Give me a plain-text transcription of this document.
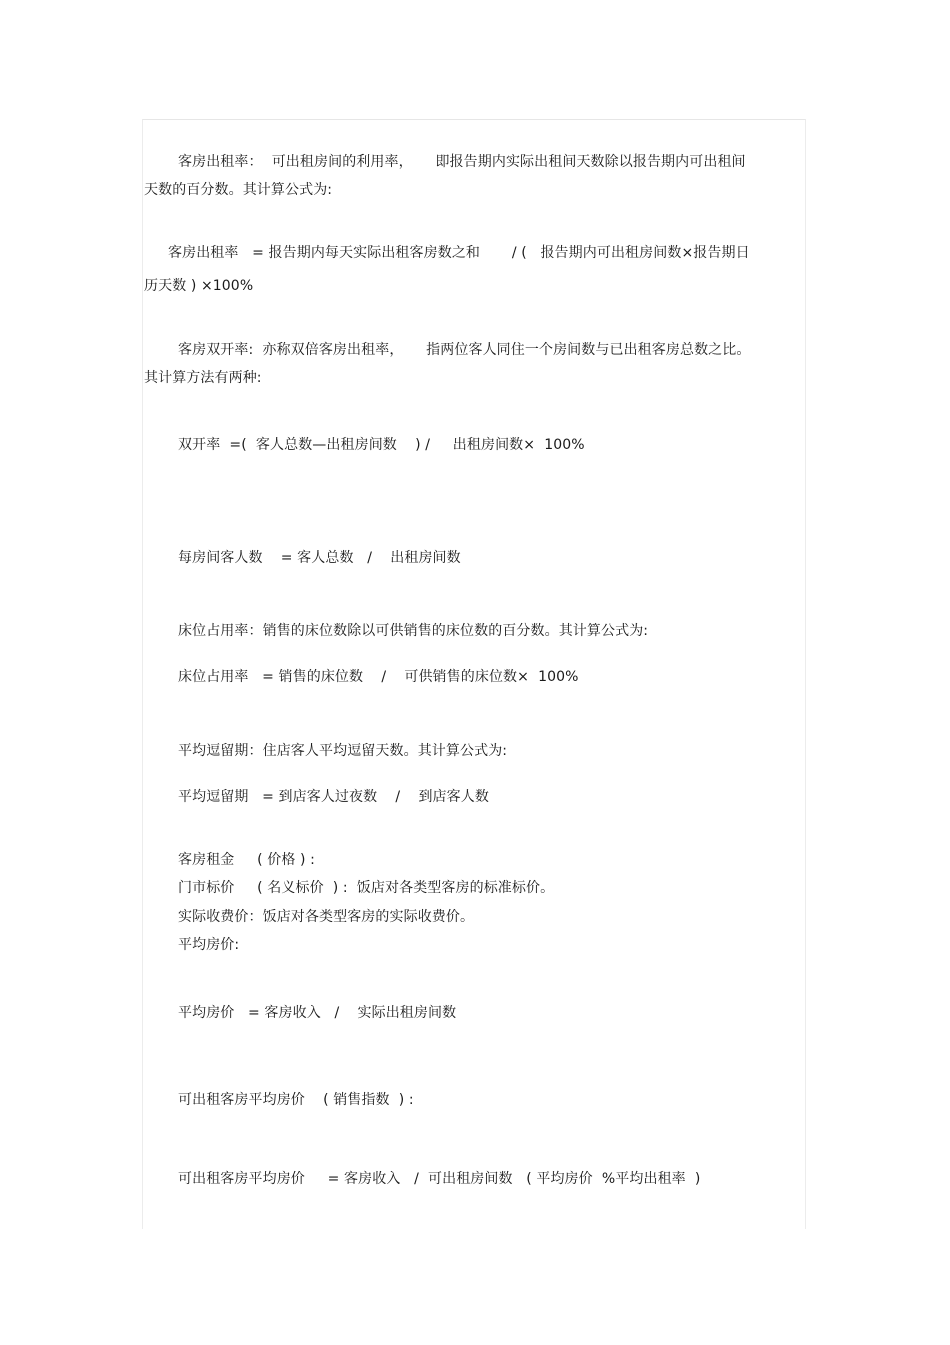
客房出租率：  可出租房间的利用率，     即报告期内实际出租间天数除以报告期内可出租间
天数的百分数。其计算公式为:
客房出租率   = 报告期内每天实际出租客房数之和       / (   报告期内可出租房间数×报告期日
历天数 ) ×100%
客房双开率:  亦称双倍客房出租率，     指两位客人同住一个房间数与已出租客房总数之比。
其计算方法有两种:
双开率  =(  客人总数—出租房间数    ) /     出租房间数×  100%
每房间客人数    = 客人总数   /    出租房间数
床位占用率：销售的床位数除以可供销售的床位数的百分数。其计算公式为:
床位占用率   = 销售的床位数    /    可供销售的床位数×  100%
平均逗留期：住店客人平均逗留天数。其计算公式为:
平均逗留期   = 到店客人过夜数    /    到店客人数
客房租金     ( 价格 ) :
门市标价     ( 名义标价  ) :  饭店对各类型客房的标准标价。
实际收费价：饭店对各类型客房的实际收费价。
平均房价:
平均房价   = 客房收入   /    实际出租房间数
可出租客房平均房价    ( 销售指数  ) :
可出租客房平均房价     = 客房收入   /  可出租房间数   ( 平均房价  %平均出租率  )
